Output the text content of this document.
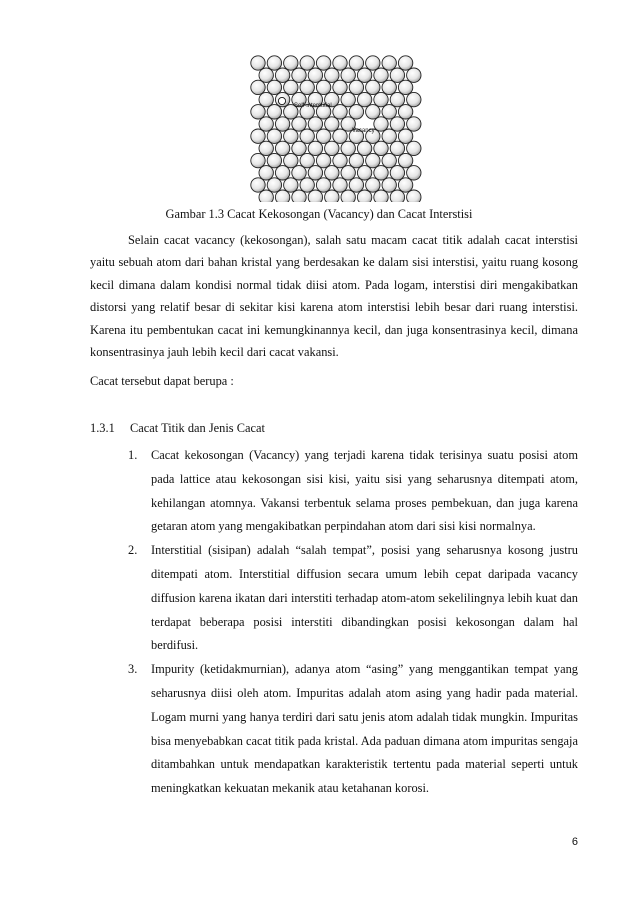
Self-interstitial
Vacancy
Gambar 1.3 Cacat Kekosongan (Vacancy) dan Cacat Interstisi
Selain cacat vacancy (kekosongan), salah satu macam cacat titik adalah cacat interstisi yaitu sebuah atom dari bahan kristal yang berdesakan ke dalam sisi interstisi, yaitu ruang kosong kecil dimana dalam kondisi normal tidak diisi atom. Pada logam, interstisi diri mengakibatkan distorsi yang relatif besar di sekitar kisi karena atom interstisi lebih besar dari ruang interstisi. Karena itu pembentukan cacat ini kemungkinannya kecil, dan juga konsentrasinya kecil, dimana konsentrasinya jauh lebih kecil dari cacat vakansi.
Cacat tersebut dapat berupa :
1.3.1 Cacat Titik dan Jenis Cacat
1. Cacat kekosongan (Vacancy) yang terjadi karena tidak terisinya suatu posisi atom pada lattice atau kekosongan sisi kisi, yaitu sisi yang seharusnya ditempati atom, kehilangan atomnya. Vakansi terbentuk selama proses pembekuan, dan juga karena getaran atom yang mengakibatkan perpindahan atom dari sisi kisi normalnya.
2. Interstitial (sisipan) adalah “salah tempat”, posisi yang seharusnya kosong justru ditempati atom. Interstitial diffusion secara umum lebih cepat daripada vacancy diffusion karena ikatan dari interstiti terhadap atom-atom sekelilingnya lebih kuat dan terdapat beberapa posisi interstiti dibandingkan posisi kekosongan dalam hal berdifusi.
3. Impurity (ketidakmurnian), adanya atom “asing” yang menggantikan tempat yang seharusnya diisi oleh atom. Impuritas adalah atom asing yang hadir pada material. Logam murni yang hanya terdiri dari satu jenis atom adalah tidak mungkin. Impuritas bisa menyebabkan cacat titik pada kristal. Ada paduan dimana atom impuritas sengaja ditambahkan untuk mendapatkan karakteristik tertentu pada material seperti untuk meningkatkan kekuatan mekanik atau ketahanan korosi.
6
